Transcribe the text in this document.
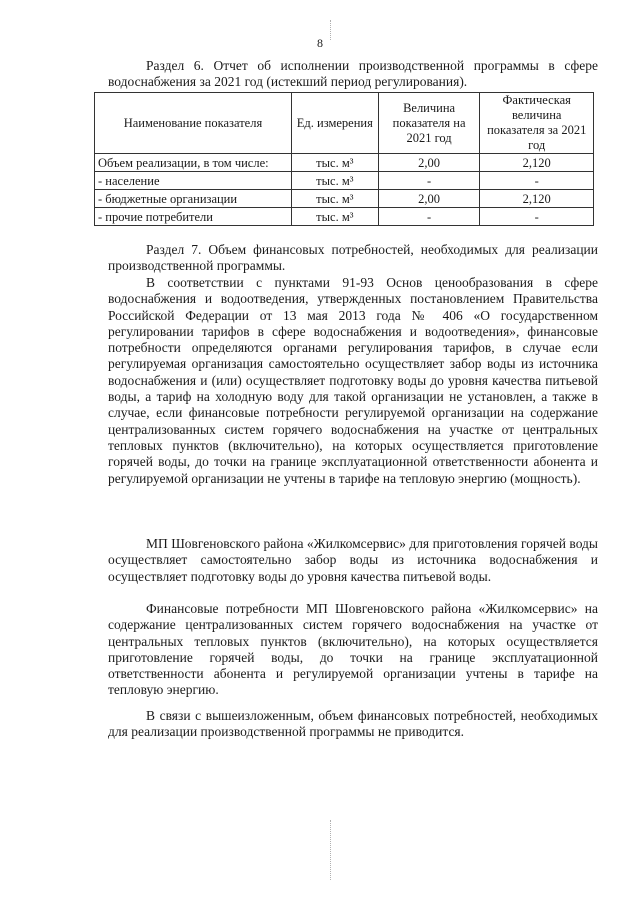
8
Раздел 6. Отчет об исполнении производственной программы в сфере водоснабжения за 2021 год (истекший период регулирования).
Наименование показателя	Ед. измерения	Величина показателя на 2021 год	Фактическая величина показателя за 2021 год
Объем реализации, в том числе:	тыс. м³	2,00	2,120
- население	тыс. м³	-	-
- бюджетные организации	тыс. м³	2,00	2,120
- прочие потребители	тыс. м³	-	-
Раздел 7. Объем финансовых потребностей, необходимых для реализации производственной программы.

В соответствии с пунктами 91-93 Основ ценообразования в сфере водоснабжения и водоотведения, утвержденных постановлением Правительства Российской Федерации от 13 мая 2013 года № 406 «О государственном регулировании тарифов в сфере водоснабжения и водоотведения», финансовые потребности определяются органами регулирования тарифов, в случае если регулируемая организация самостоятельно осуществляет забор воды из источника водоснабжения и (или) осуществляет подготовку воды до уровня качества питьевой воды, а тариф на холодную воду для такой организации не установлен, а также в случае, если финансовые потребности регулируемой организации на содержание централизованных систем горячего водоснабжения на участке от центральных тепловых пунктов (включительно), на которых осуществляется приготовление горячей воды, до точки на границе эксплуатационной ответственности абонента и регулируемой организации не учтены в тарифе на тепловую энергию (мощность).

МП Шовгеновского района «Жилкомсервис» для приготовления горячей воды осуществляет самостоятельно забор воды из источника водоснабжения и осуществляет подготовку воды до уровня качества питьевой воды.

Финансовые потребности МП Шовгеновского района «Жилкомсервис» на содержание централизованных систем горячего водоснабжения на участке от центральных тепловых пунктов (включительно), на которых осуществляется приготовление горячей воды, до точки на границе эксплуатационной ответственности абонента и регулируемой организации учтены в тарифе на тепловую энергию.

В связи с вышеизложенным, объем финансовых потребностей, необходимых для реализации производственной программы не приводится.
